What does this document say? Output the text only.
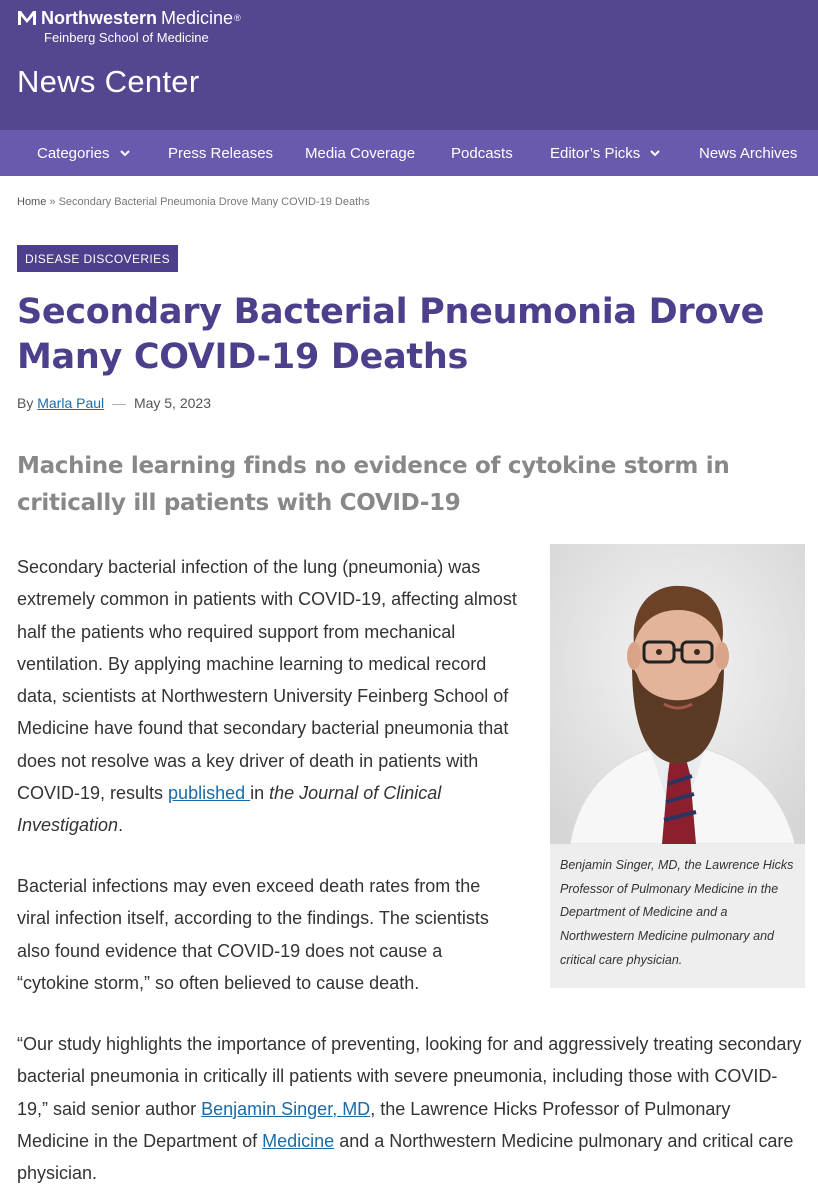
Northwestern Medicine ®
Feinberg School of Medicine
News Center
Categories	Press Releases Media Coverage Podcasts Editor’s Picks	News Archives
Home » Secondary Bacterial Pneumonia Drove Many COVID-19 Deaths
DISEASE DISCOVERIES
Secondary Bacterial Pneumonia Drove Many COVID-19 Deaths
By Marla Paul — May 5, 2023
Machine learning finds no evidence of cytokine storm in critically ill patients with COVID-19

Secondary bacterial infection of the lung (pneumonia) was extremely common in patients with COVID-19, affecting almost half the patients who required support from mechanical ventilation. By applying machine learning to medical record data, scientists at Northwestern University Feinberg School of Medicine have found that secondary bacterial pneumonia that does not resolve was a key driver of death in patients with COVID-19, results published in the Journal of Clinical Investigation.

Bacterial infections may even exceed death rates from the viral infection itself, according to the findings. The scientists also found evidence that COVID-19 does not cause a “cytokine storm,” so often believed to cause death.

“Our study highlights the importance of preventing, looking for and aggressively treating secondary bacterial pneumonia in critically ill patients with severe pneumonia, including those with COVID-19,” said senior author Benjamin Singer, MD, the Lawrence Hicks Professor of Pulmonary Medicine in the Department of Medicine and a Northwestern Medicine pulmonary and critical care physician.

Benjamin Singer, MD, the Lawrence Hicks Professor of Pulmonary Medicine in the Department of Medicine and a Northwestern Medicine pulmonary and critical care physician.
